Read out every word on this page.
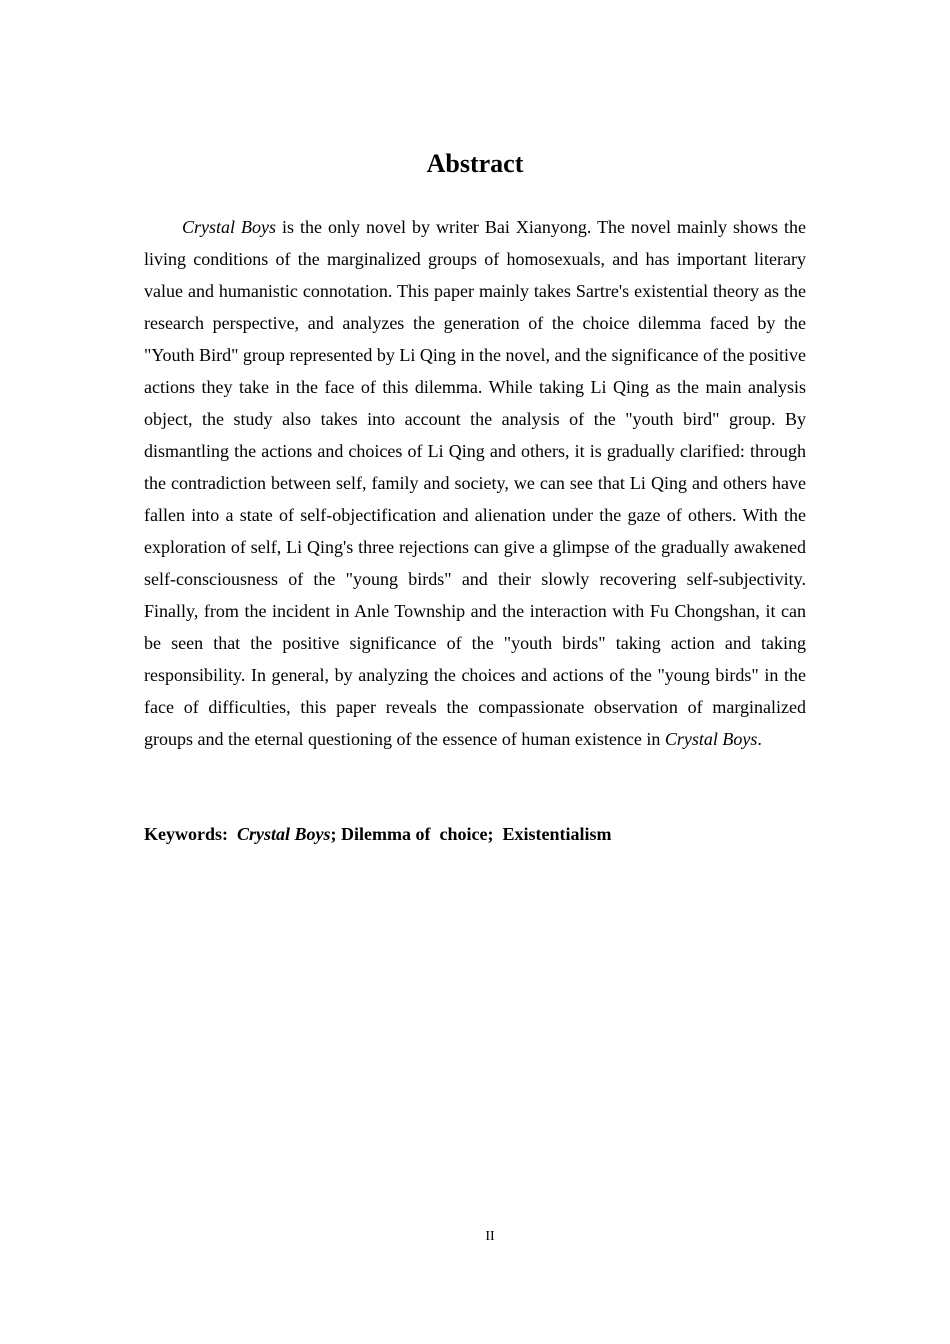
Abstract

Crystal Boys is the only novel by writer Bai Xianyong. The novel mainly shows the living conditions of the marginalized groups of homosexuals, and has important literary value and humanistic connotation. This paper mainly takes Sartre's existential theory as the research perspective, and analyzes the generation of the choice dilemma faced by the "Youth Bird" group represented by Li Qing in the novel, and the significance of the positive actions they take in the face of this dilemma. While taking Li Qing as the main analysis object, the study also takes into account the analysis of the "youth bird" group. By dismantling the actions and choices of Li Qing and others, it is gradually clarified: through the contradiction between self, family and society, we can see that Li Qing and others have fallen into a state of self-objectification and alienation under the gaze of others. With the exploration of self, Li Qing's three rejections can give a glimpse of the gradually awakened self-consciousness of the "young birds" and their slowly recovering self-subjectivity. Finally, from the incident in Anle Township and the interaction with Fu Chongshan, it can be seen that the positive significance of the "youth birds" taking action and taking responsibility. In general, by analyzing the choices and actions of the "young birds" in the face of difficulties, this paper reveals the compassionate observation of marginalized groups and the eternal questioning of the essence of human existence in Crystal Boys.

Keywords:  Crystal Boys; Dilemma of  choice;  Existentialism

II
